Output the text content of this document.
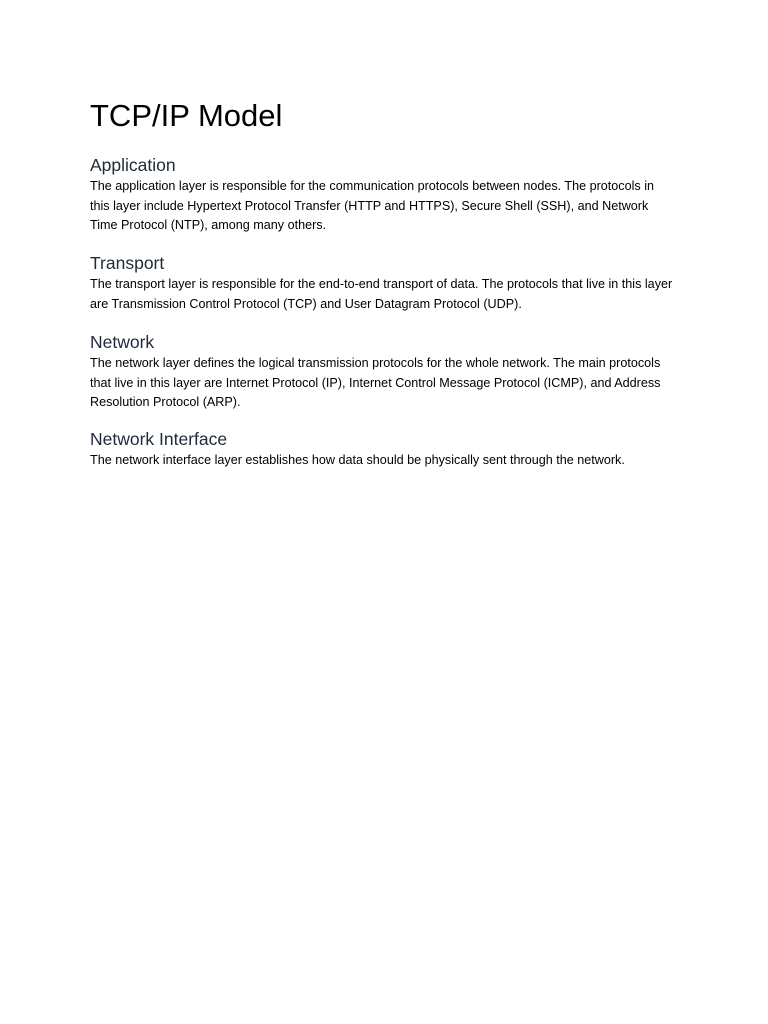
TCP/IP Model
Application

The application layer is responsible for the communication protocols between nodes. The protocols in this layer include Hypertext Protocol Transfer (HTTP and HTTPS), Secure Shell (SSH), and Network Time Protocol (NTP), among many others.

Transport

The transport layer is responsible for the end-to-end transport of data. The protocols that live in this layer are Transmission Control Protocol (TCP) and User Datagram Protocol (UDP).

Network

The network layer defines the logical transmission protocols for the whole network. The main protocols that live in this layer are Internet Protocol (IP), Internet Control Message Protocol (ICMP), and Address Resolution Protocol (ARP).

Network Interface

The network interface layer establishes how data should be physically sent through the network.
